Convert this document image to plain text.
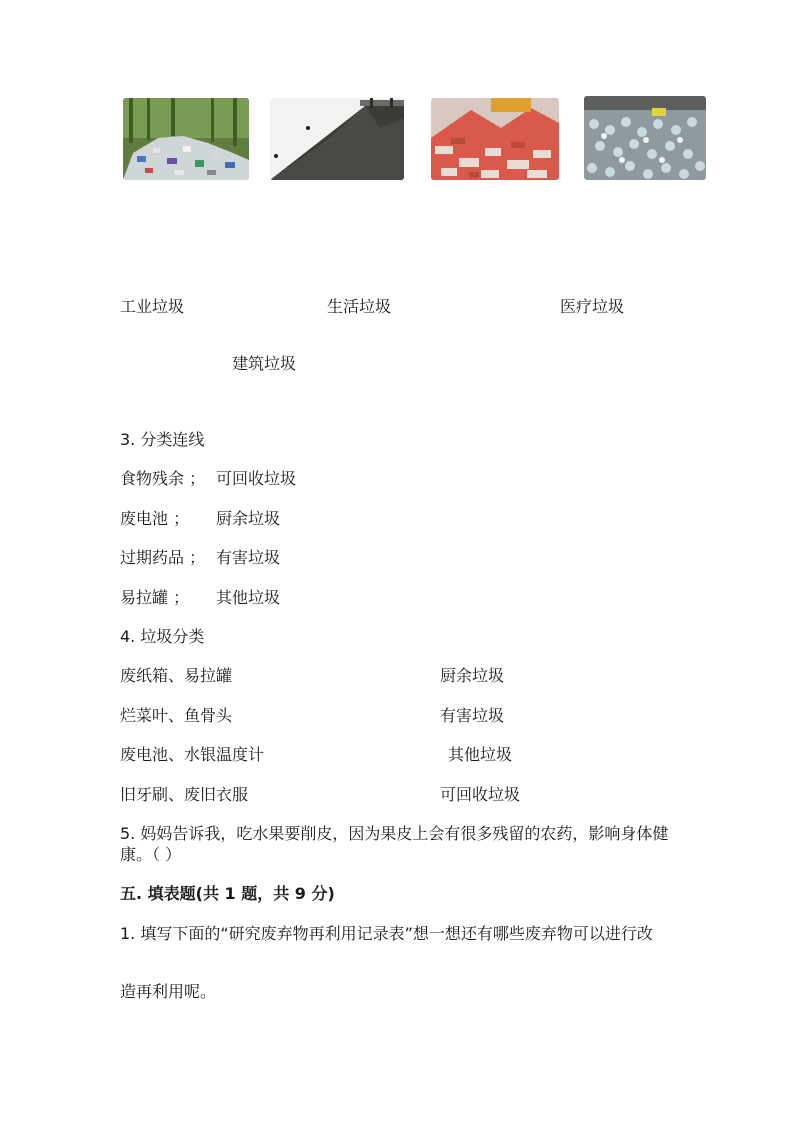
工业垃圾	生活垃圾	医疗垃圾
建筑垃圾
3. 分类连线
食物残余 ； 可回收垃圾
废电池 ； 厨余垃圾
过期药品 ； 有害垃圾
易拉罐 ； 其他垃圾
4. 垃圾分类
废纸箱、易拉罐	厨余垃圾
烂菜叶、鱼骨头	有害垃圾
废电池、水银温度计	其他垃圾
旧牙刷、废旧衣服	可回收垃圾
5. 妈妈告诉我，吃水果要削皮，因为果皮上会有很多残留的农药，影响身体健
康。（ ）
五. 填表题(共 1 题，共 9 分)
1. 填写下面的“研究废弃物再利用记录表”想一想还有哪些废弃物可以进行改
造再利用呢。
